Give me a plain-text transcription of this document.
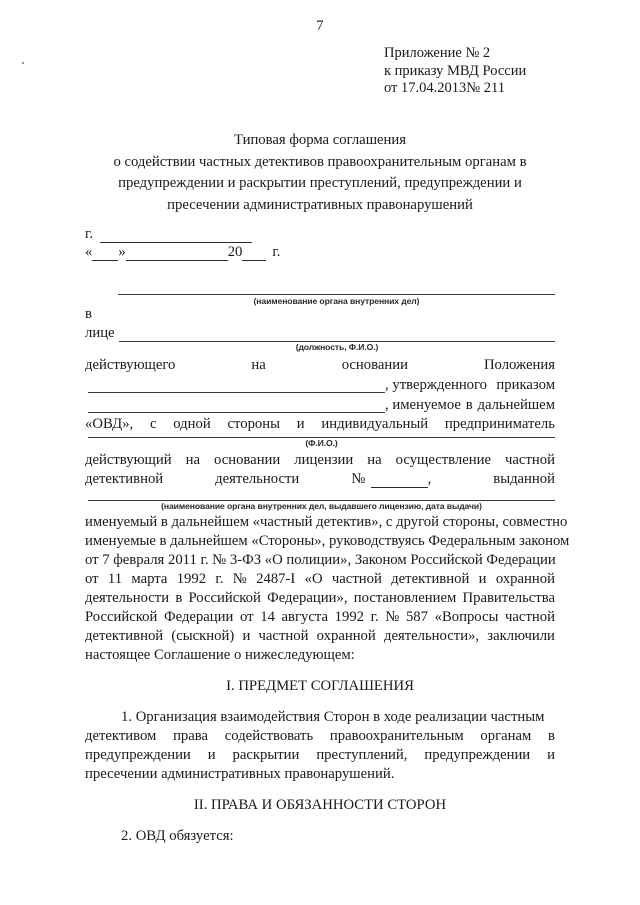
7
Приложение № 2
к приказу МВД России
от 17.04.2013№ 211
Типовая форма соглашения
о содействии частных детективов правоохранительным органам в
предупреждении и раскрытии преступлений, предупреждении и
пресечении административных правонарушений
г.
« »	20 г.
(наименование органа внутренних дел)
в
лице
(должность, Ф.И.О.)
действующего	на	основании	Положения
, утвержденного приказом
, именуемое в дальнейшем
«ОВД», с одной стороны и индивидуальный предприниматель
(Ф.И.О.)
действующий на основании лицензии на осуществление частной
детективной	деятельности	№	,	выданной
(наименование органа внутренних дел, выдавшего лицензию, дата выдачи)
именуемый в дальнейшем «частный детектив», с другой стороны, совместно
именуемые в дальнейшем «Стороны», руководствуясь Федеральным законом
от 7 февраля 2011 г. № 3-ФЗ «О полиции», Законом Российской Федерации
от 11 марта 1992 г. № 2487-I «О частной детективной и охранной
деятельности в Российской Федерации», постановлением Правительства
Российской Федерации от 14 августа 1992 г. № 587 «Вопросы частной
детективной (сыскной) и частной охранной деятельности», заключили
настоящее Соглашение о нижеследующем:
I. ПРЕДМЕТ СОГЛАШЕНИЯ
1. Организация взаимодействия Сторон в ходе реализации частным
детективом права содействовать правоохранительным органам в
предупреждении и раскрытии преступлений, предупреждении и
пресечении административных правонарушений.
II. ПРАВА И ОБЯЗАННОСТИ СТОРОН
2. ОВД обязуется:
